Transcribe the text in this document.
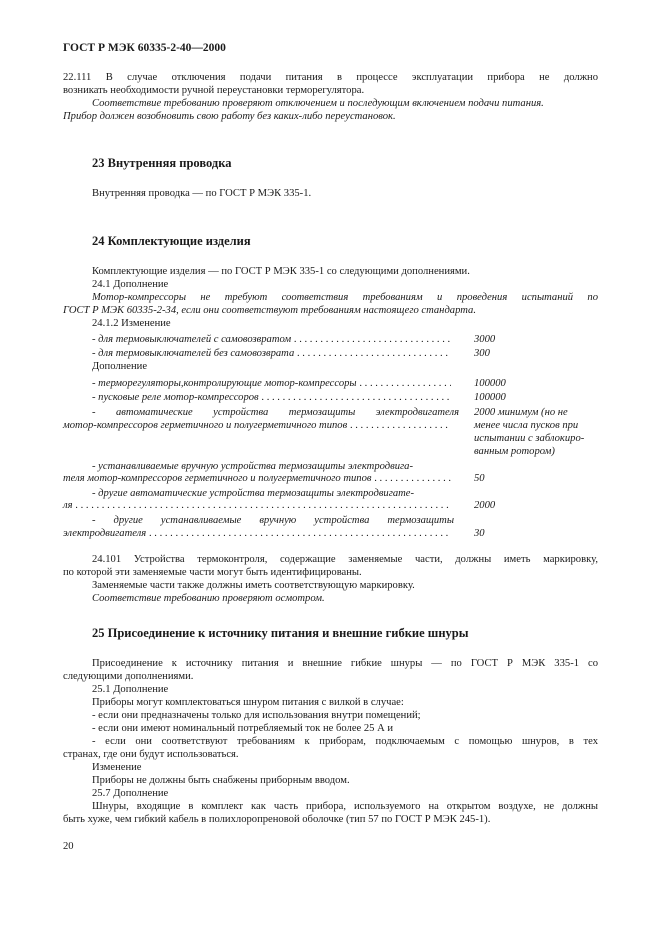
ГОСТ Р МЭК 60335-2-40—2000
22.111 В случае отключения подачи питания в процессе эксплуатации прибора не должно
возникать необходимости ручной переустановки терморегулятора.
Соответствие требованию проверяют отключением и последующим включением подачи питания.
Прибор должен возобновить свою работу без каких-либо переустановок.
23 Внутренняя проводка
Внутренняя проводка — по ГОСТ Р МЭК 335-1.
24 Комплектующие изделия
Комплектующие изделия — по ГОСТ Р МЭК 335-1 со следующими дополнениями.
24.1 Дополнение
Мотор-компрессоры не требуют соответствия требованиям и проведения испытаний по
ГОСТ Р МЭК 60335-2-34, если они соответствуют требованиям настоящего стандарта.
24.1.2 Изменение
- для термовыключателей с самовозвратом . . .	3000
- для термовыключателей без самовозврата . . .	300
Дополнение
- терморегуляторы,контролирующие мотор-компрессоры . . .	100000
- пусковые реле мотор-компрессоров . . .	100000
- автоматические устройства термозащиты электродвигателя
мотор-компрессоров герметичного и полугерметичного типов
. . .
2000 минимум (но не
менее числа пусков при
испытании с заблокиро-
ванным ротором)
- устанавливаемые вручную устройства термозащиты электродвига-
теля мотор-компрессоров герметичного и полугерметичного типов . . .	50
- другие автоматические устройства термозащиты электродвигате-
ля . . .	2000
- другие устанавливаемые вручную устройства термозащиты
электродвигателя . . .	30
24.101 Устройства термоконтроля, содержащие заменяемые части, должны иметь маркировку,
по которой эти заменяемые части могут быть идентифицированы.
Заменяемые части также должны иметь соответствующую маркировку.
Соответствие требованию проверяют осмотром.
25 Присоединение к источнику питания и внешние гибкие шнуры
Присоединение к источнику питания и внешние гибкие шнуры — по ГОСТ Р МЭК 335-1 со
следующими дополнениями.
25.1 Дополнение
Приборы могут комплектоваться шнуром питания с вилкой в случае:
- если они предназначены только для использования внутри помещений;
- если они имеют номинальный потребляемый ток не более 25 А и
- если они соответствуют требованиям к приборам, подключаемым с помощью шнуров, в тех
странах, где они будут использоваться.
Изменение
Приборы не должны быть снабжены приборным вводом.
25.7 Дополнение
Шнуры, входящие в комплект как часть прибора, используемого на открытом воздухе, не должны
быть хуже, чем гибкий кабель в полихлоропреновой оболочке (тип 57 по ГОСТ Р МЭК 245-1).
20
